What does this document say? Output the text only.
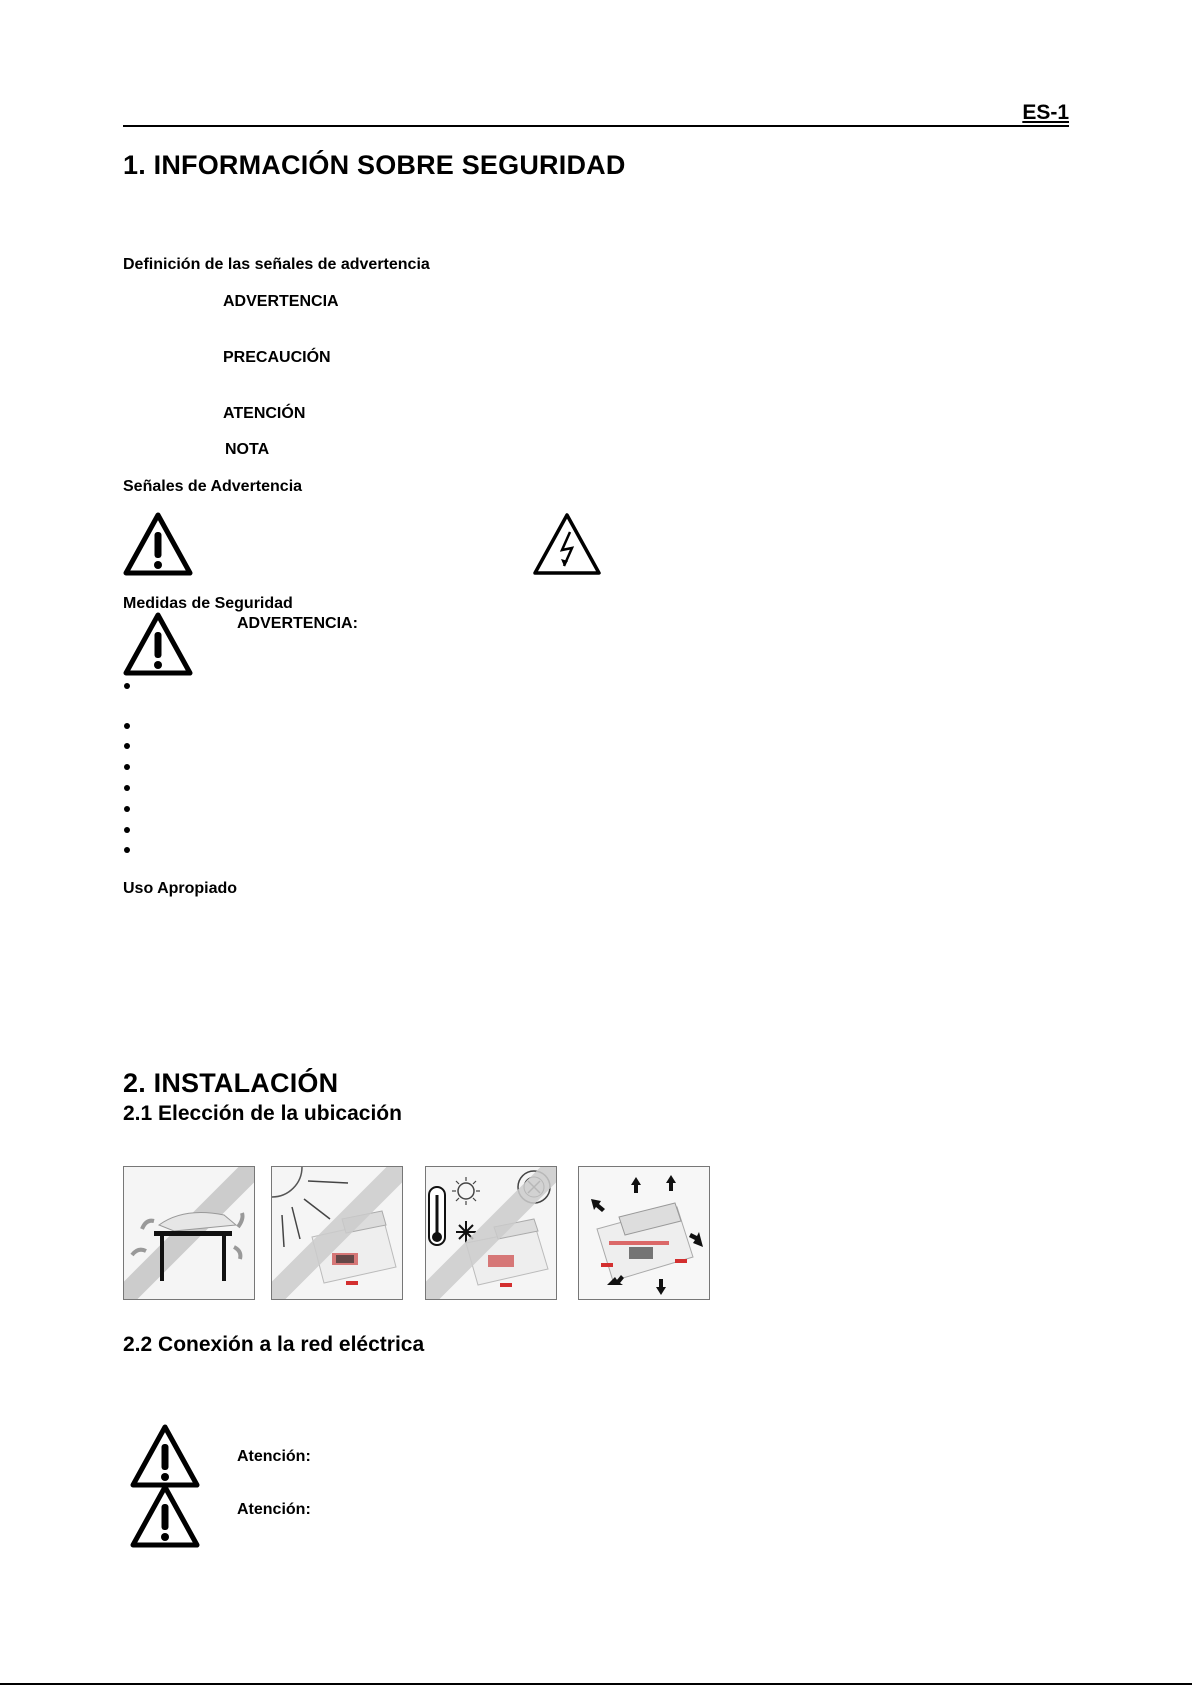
ES-1
1. INFORMACIÓN SOBRE SEGURIDAD
Definición de las señales de advertencia
ADVERTENCIA
PRECAUCIÓN
ATENCIÓN
NOTA
Señales de Advertencia
Medidas de Seguridad
ADVERTENCIA:
Uso Apropiado
2. INSTALACIÓN
2.1 Elección de la ubicación
2.2 Conexión a la red eléctrica
Atención:
Atención:
